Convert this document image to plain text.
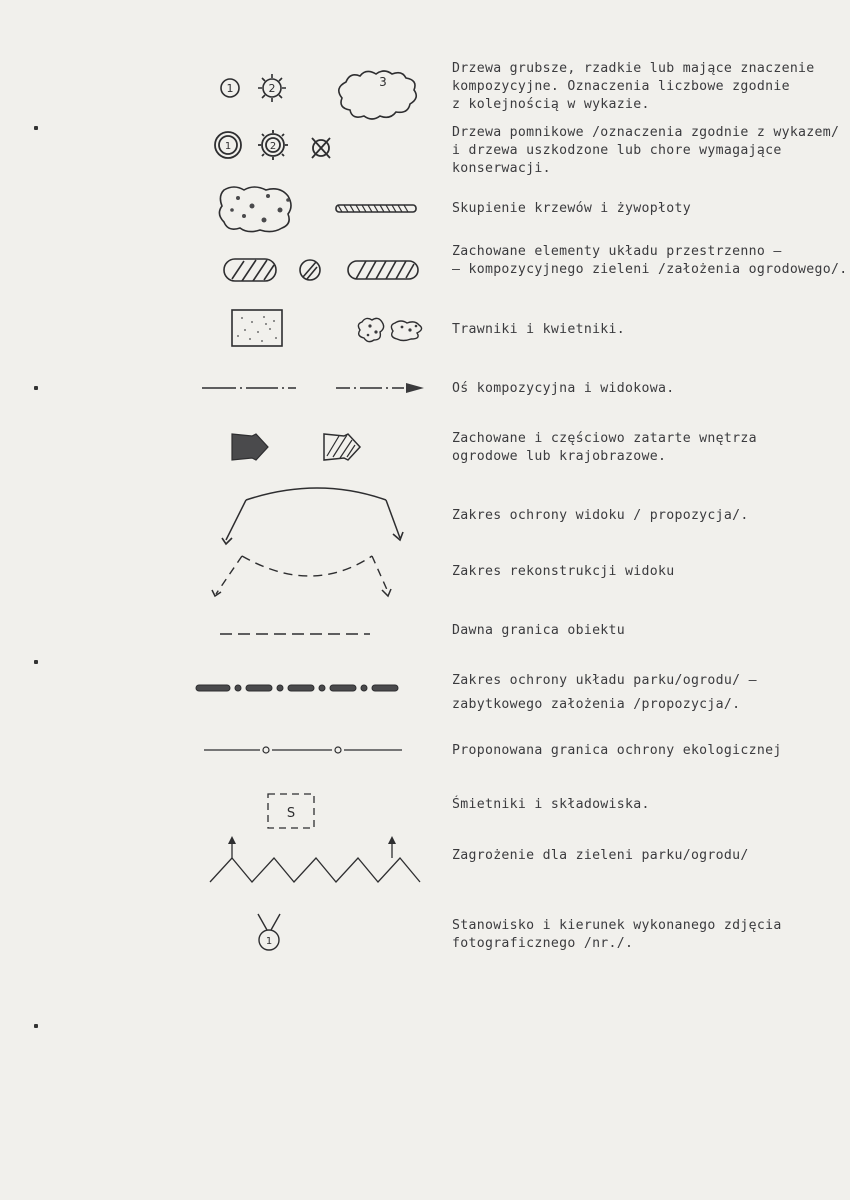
1	2	3
Drzewa grubsze, rzadkie lub mające znaczenie
kompozycyjne. Oznaczenia liczbowe zgodnie
z kolejnością w wykazie.
1	2
Drzewa pomnikowe /oznaczenia zgodnie z wykazem/
i drzewa uszkodzone lub chore wymagające
konserwacji.
Skupienie krzewów i żywopłoty
Zachowane elementy układu przestrzenno –
– kompozycyjnego zieleni /założenia ogrodowego/.
Trawniki i kwietniki.
Oś kompozycyjna i widokowa.
Zachowane i częściowo zatarte wnętrza
ogrodowe lub krajobrazowe.
Zakres ochrony widoku / propozycja/.
Zakres rekonstrukcji widoku
Dawna granica obiektu
Zakres ochrony układu parku/ogrodu/ –
zabytkowego założenia /propozycja/.
Proponowana granica ochrony ekologicznej
S
Śmietniki i składowiska.
Zagrożenie dla zieleni parku/ogrodu/
1
Stanowisko i kierunek wykonanego zdjęcia
fotograficznego /nr./.
